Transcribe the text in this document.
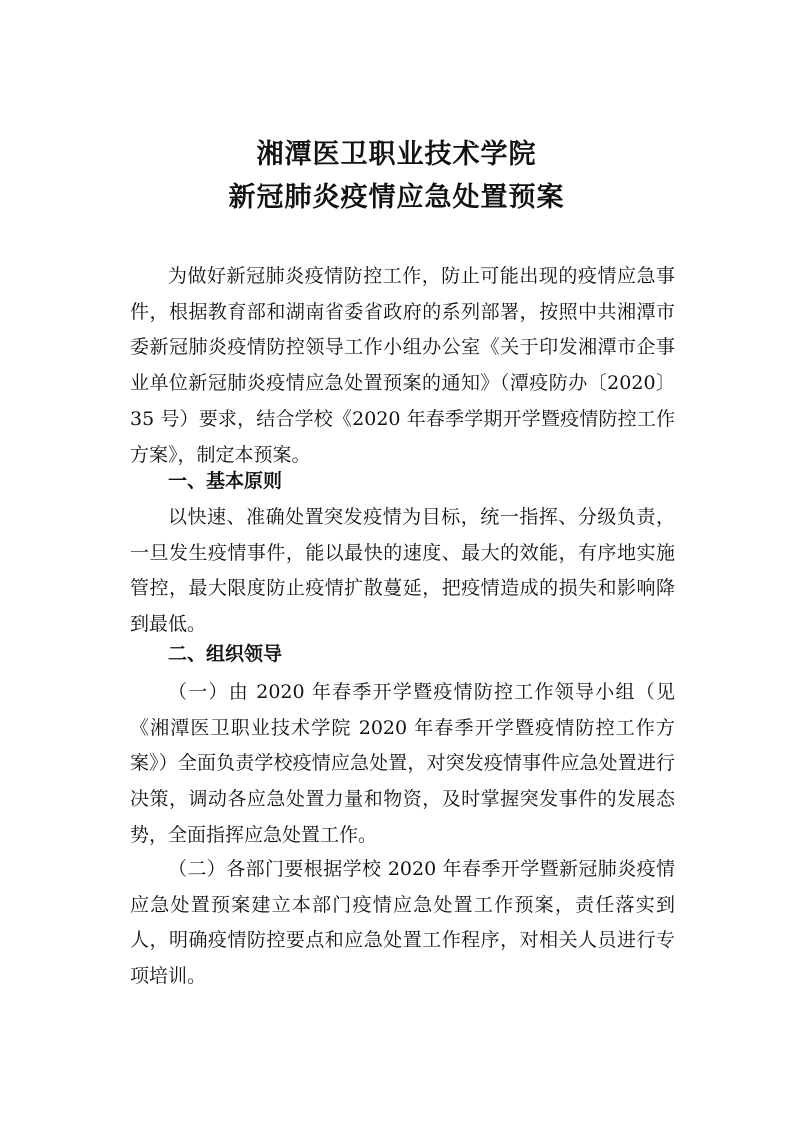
湘潭医卫职业技术学院
新冠肺炎疫情应急处置预案

为做好新冠肺炎疫情防控工作，防止可能出现的疫情应急事件，根据教育部和湖南省委省政府的系列部署，按照中共湘潭市委新冠肺炎疫情防控领导工作小组办公室《关于印发湘潭市企事业单位新冠肺炎疫情应急处置预案的通知》（潭疫防办〔2020〕35 号）要求，结合学校《2020 年春季学期开学暨疫情防控工作方案》，制定本预案。

一、基本原则

以快速、准确处置突发疫情为目标，统一指挥、分级负责，一旦发生疫情事件，能以最快的速度、最大的效能，有序地实施管控，最大限度防止疫情扩散蔓延，把疫情造成的损失和影响降到最低。

二、组织领导

（一）由 2020 年春季开学暨疫情防控工作领导小组（见《湘潭医卫职业技术学院 2020 年春季开学暨疫情防控工作方案》）全面负责学校疫情应急处置，对突发疫情事件应急处置进行决策，调动各应急处置力量和物资，及时掌握突发事件的发展态势，全面指挥应急处置工作。

（二）各部门要根据学校 2020 年春季开学暨新冠肺炎疫情应急处置预案建立本部门疫情应急处置工作预案，责任落实到人，明确疫情防控要点和应急处置工作程序，对相关人员进行专项培训。
